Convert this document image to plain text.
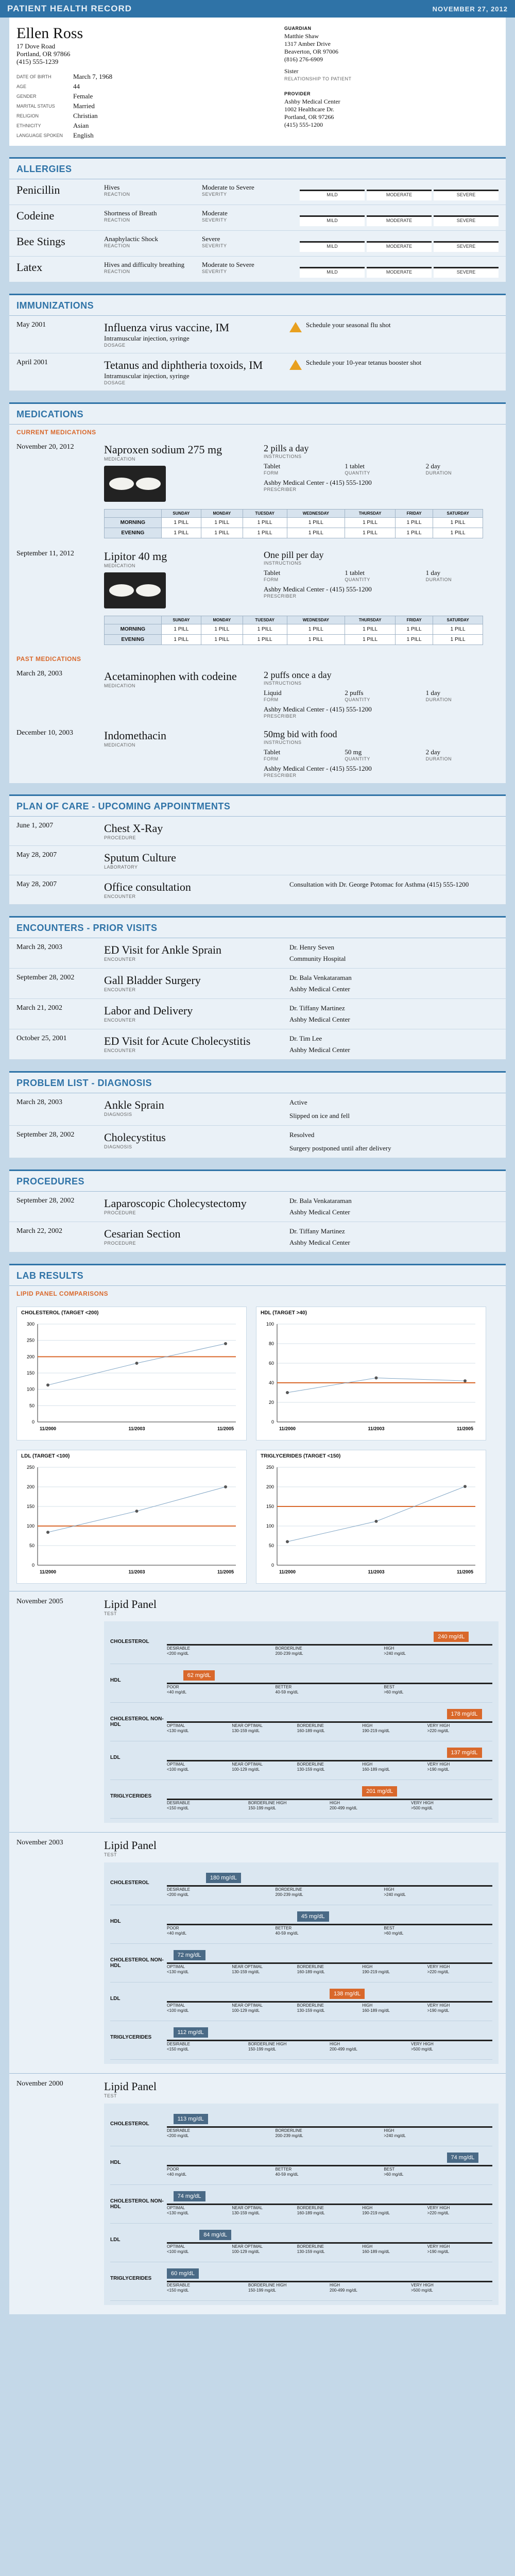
PATIENT HEALTH RECORD	NOVEMBER 27, 2012
Ellen Ross
17 Dove Road
Portland, OR 97866
(415) 555-1239
DATE OF BIRTH	March 7, 1968
AGE	44
GENDER	Female
MARITAL STATUS	Married
RELIGION	Christian
ETHNICITY	Asian
LANGUAGE SPOKEN	English
GUARDIAN
Matthie Shaw
1317 Amber Drive
Beaverton, OR 97006
(816) 276-6909
Sister
RELATIONSHIP TO PATIENT
PROVIDER
Ashby Medical Center
1002 Healthcare Dr.
Portland, OR 97266
(415) 555-1200
ALLERGIES
Penicillin	Hives
REACTION
Moderate to Severe
SEVERITY	MILD	MODERATE	SEVERE
Codeine	Shortness of Breath
REACTION
Moderate
SEVERITY	MILD	MODERATE	SEVERE
Bee Stings	Anaphylactic Shock
REACTION
Severe
SEVERITY	MILD	MODERATE	SEVERE
Latex	Hives and difficulty breathing
REACTION
Moderate to Severe
SEVERITY	MILD	MODERATE	SEVERE
IMMUNIZATIONS
May 2001	Influenza virus vaccine, IM
Intramuscular injection, syringe
DOSAGE
Schedule your seasonal flu shot
April 2001	Tetanus and diphtheria toxoids, IM
Intramuscular injection, syringe
DOSAGE
Schedule your 10-year tetanus booster shot
MEDICATIONS
CURRENT MEDICATIONS
November 20, 2012	Naproxen sodium 275 mg
MEDICATION
2 pills a day
INSTRUCTIONS
Tablet
FORM
1 tablet
QUANTITY
2 day
DURATION
Ashby Medical Center - (415) 555-1200
PRESCRIBER
	SUNDAY	MONDAY	TUESDAY	WEDNESDAY	THURSDAY	FRIDAY	SATURDAY
MORNING	1 PILL	1 PILL	1 PILL	1 PILL	1 PILL	1 PILL	1 PILL
EVENING	1 PILL	1 PILL	1 PILL	1 PILL	1 PILL	1 PILL	1 PILL
September 11, 2012	Lipitor 40 mg
MEDICATION
One pill per day
INSTRUCTIONS
Tablet
FORM
1 tablet
QUANTITY
1 day
DURATION
Ashby Medical Center - (415) 555-1200
PRESCRIBER
	SUNDAY	MONDAY	TUESDAY	WEDNESDAY	THURSDAY	FRIDAY	SATURDAY
MORNING	1 PILL	1 PILL	1 PILL	1 PILL	1 PILL	1 PILL	1 PILL
EVENING	1 PILL	1 PILL	1 PILL	1 PILL	1 PILL	1 PILL	1 PILL
PAST MEDICATIONS
March 28, 2003	Acetaminophen with codeine
MEDICATION
2 puffs once a day
INSTRUCTIONS
Liquid
FORM
2 puffs
QUANTITY
1 day
DURATION
Ashby Medical Center - (415) 555-1200
PRESCRIBER
December 10, 2003	Indomethacin
MEDICATION
50mg bid with food
INSTRUCTIONS
Tablet
FORM
50 mg
QUANTITY
2 day
DURATION
Ashby Medical Center - (415) 555-1200
PRESCRIBER
PLAN OF CARE - UPCOMING APPOINTMENTS
June 1, 2007	Chest X-Ray
PROCEDURE
May 28, 2007	Sputum Culture
LABORATORY
May 28, 2007	Office consultation
ENCOUNTER
Consultation with Dr. George Potomac for Asthma (415) 555-1200
ENCOUNTERS - PRIOR VISITS
March 28, 2003	ED Visit for Ankle Sprain
ENCOUNTER
Dr. Henry Seven
Community Hospital
September 28, 2002	Gall Bladder Surgery
ENCOUNTER
Dr. Bala Venkataraman
Ashby Medical Center
March 21, 2002	Labor and Delivery
ENCOUNTER
Dr. Tiffany Martinez
Ashby Medical Center
October 25, 2001	ED Visit for Acute Cholecystitis
ENCOUNTER
Dr. Tim Lee
Ashby Medical Center
PROBLEM LIST - DIAGNOSIS
March 28, 2003	Ankle Sprain
DIAGNOSIS
Active
Slipped on ice and fell
September 28, 2002	Cholecystitus
DIAGNOSIS
Resolved
Surgery postponed until after delivery
PROCEDURES
September 28, 2002	Laparoscopic Cholecystectomy
PROCEDURE
Dr. Bala Venkataraman
Ashby Medical Center
March 22, 2002	Cesarian Section
PROCEDURE
Dr. Tiffany Martinez
Ashby Medical Center
LAB RESULTS
LIPID PANEL COMPARISONS
CHOLESTEROL (TARGET <200)
0
50
100
150
200
250
300
11/2000	11/2003	11/2005
HDL (TARGET >40)
0
20
40
60
80
100
11/2000	11/2003	11/2005
LDL (TARGET <100)
0
50
100
150
200
250
11/2000	11/2003	11/2005
TRIGLYCERIDES (TARGET <150)
0
50
100
150
200
250
11/2000	11/2003	11/2005
November 2005	Lipid Panel
TEST
CHOLESTEROL
DESIRABLE
<200 mg/dL
BORDERLINE
200-239 mg/dL
HIGH
>240 mg/dL
240 mg/dL
HDL
POOR
<40 mg/dL
BETTER
40-59 mg/dL
BEST
>60 mg/dL
62 mg/dL
CHOLESTEROL NON-HDL	OPTIMAL
<130 mg/dL
NEAR OPTIMAL
130-159 mg/dL
BORDERLINE
160-189 mg/dL
HIGH
190-219 mg/dL
VERY HIGH
>220 mg/dL
178 mg/dL
LDL
OPTIMAL
<100 mg/dL
NEAR OPTIMAL
100-129 mg/dL
BORDERLINE
130-159 mg/dL
HIGH
160-189 mg/dL
VERY HIGH
>190 mg/dL
137 mg/dL
TRIGLYCERIDES
DESIRABLE
<150 mg/dL
BORDERLINE HIGH
150-199 mg/dL
HIGH
200-499 mg/dL
VERY HIGH
>500 mg/dL
201 mg/dL
November 2003	Lipid Panel
TEST
CHOLESTEROL
DESIRABLE
<200 mg/dL
BORDERLINE
200-239 mg/dL
HIGH
>240 mg/dL
180 mg/dL
HDL
POOR
<40 mg/dL
BETTER
40-59 mg/dL
BEST
>60 mg/dL
45 mg/dL
CHOLESTEROL NON-HDL	OPTIMAL
<130 mg/dL
NEAR OPTIMAL
130-159 mg/dL
BORDERLINE
160-189 mg/dL
HIGH
190-219 mg/dL
VERY HIGH
>220 mg/dL
72 mg/dL
LDL
OPTIMAL
<100 mg/dL
NEAR OPTIMAL
100-129 mg/dL
BORDERLINE
130-159 mg/dL
HIGH
160-189 mg/dL
VERY HIGH
>190 mg/dL
138 mg/dL
TRIGLYCERIDES
DESIRABLE
<150 mg/dL
BORDERLINE HIGH
150-199 mg/dL
HIGH
200-499 mg/dL
VERY HIGH
>500 mg/dL
112 mg/dL
November 2000	Lipid Panel
TEST
CHOLESTEROL
DESIRABLE
<200 mg/dL
BORDERLINE
200-239 mg/dL
HIGH
>240 mg/dL
113 mg/dL
HDL
POOR
<40 mg/dL
BETTER
40-59 mg/dL
BEST
>60 mg/dL
74 mg/dL
CHOLESTEROL NON-HDL	OPTIMAL
<130 mg/dL
NEAR OPTIMAL
130-159 mg/dL
BORDERLINE
160-189 mg/dL
HIGH
190-219 mg/dL
VERY HIGH
>220 mg/dL
74 mg/dL
LDL
OPTIMAL
<100 mg/dL
NEAR OPTIMAL
100-129 mg/dL
BORDERLINE
130-159 mg/dL
HIGH
160-189 mg/dL
VERY HIGH
>190 mg/dL
84 mg/dL
TRIGLYCERIDES
DESIRABLE
<150 mg/dL
BORDERLINE HIGH
150-199 mg/dL
HIGH
200-499 mg/dL
VERY HIGH
>500 mg/dL
60 mg/dL
